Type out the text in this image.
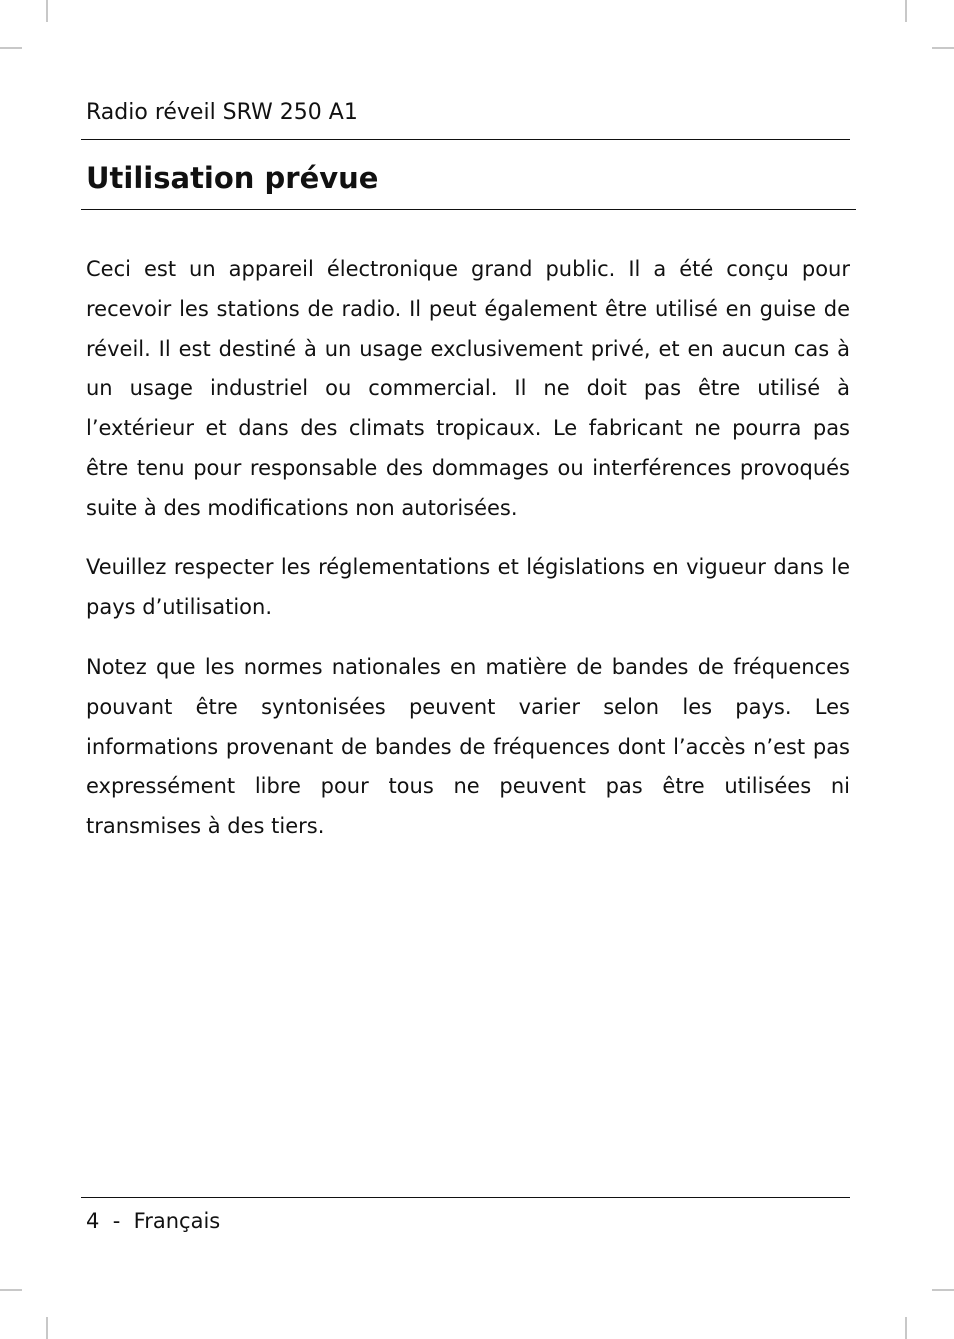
Radio réveil SRW 250 A1
Utilisation prévue

Ceci est un appareil électronique grand public. Il a été conçu pour recevoir les stations de radio. Il peut également être utilisé en guise de réveil. Il est destiné à un usage exclusivement privé, et en aucun cas à un usage industriel ou commercial. Il ne doit pas être utilisé à l’extérieur et dans des climats tropicaux. Le fabricant ne pourra pas être tenu pour responsable des dommages ou interférences provoqués suite à des modifications non autorisées.

Veuillez respecter les réglementations et législations en vigueur dans le pays d’utilisation.

Notez que les normes nationales en matière de bandes de fréquences pouvant être syntonisées peuvent varier selon les pays. Les informations provenant de bandes de fréquences dont l’accès n’est pas expressément libre pour tous ne peuvent pas être utilisées ni transmises à des tiers.

4 - Français
